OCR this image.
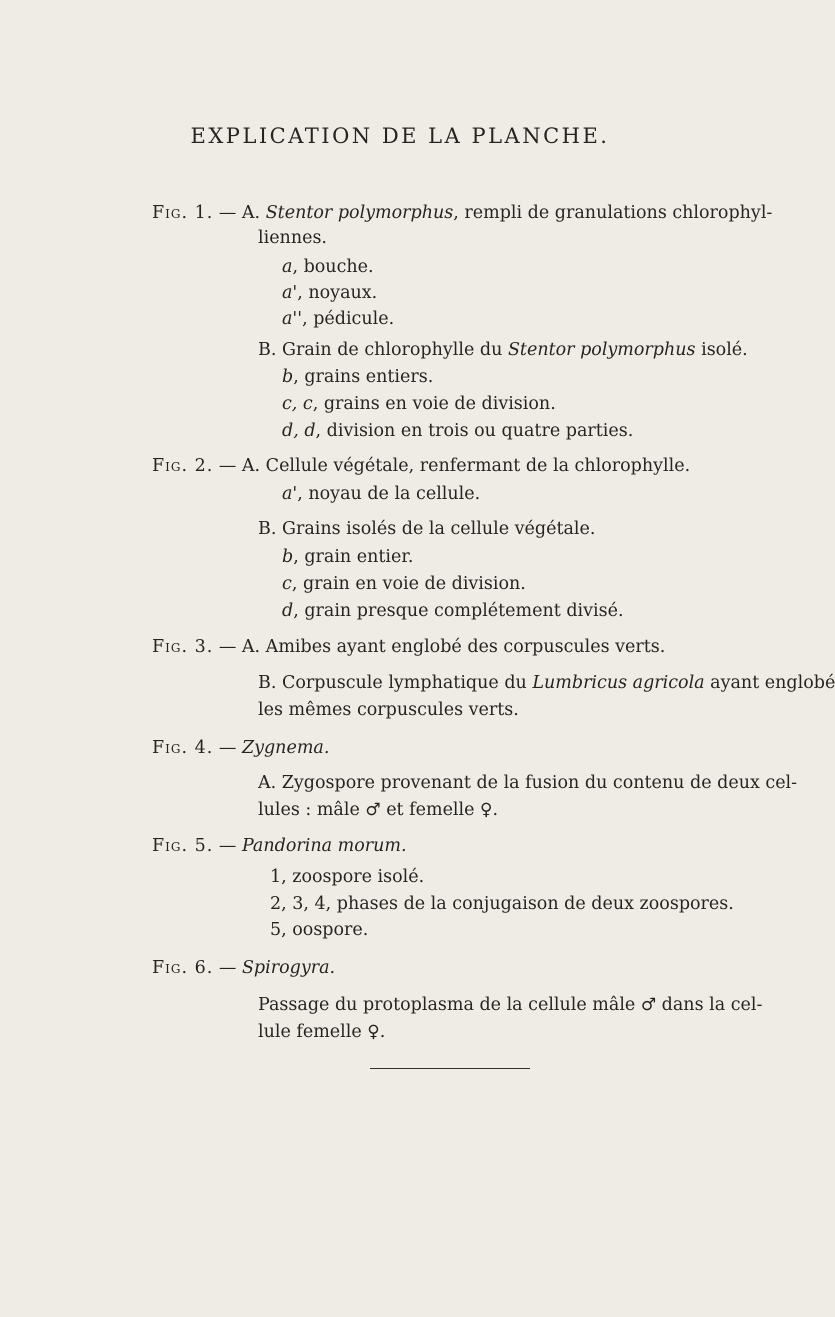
EXPLICATION DE LA PLANCHE.
Fig. 1. — A. Stentor polymorphus, rempli de granulations chlorophyl-
liennes.
a, bouche.
a', noyaux.
a'', pédicule.
B. Grain de chlorophylle du Stentor polymorphus isolé.
b, grains entiers.
c, c, grains en voie de division.
d, d, division en trois ou quatre parties.
Fig. 2. — A. Cellule végétale, renfermant de la chlorophylle.
a', noyau de la cellule.
B. Grains isolés de la cellule végétale.
b, grain entier.
c, grain en voie de division.
d, grain presque complétement divisé.
Fig. 3. — A. Amibes ayant englobé des corpuscules verts.
B. Corpuscule lymphatique du Lumbricus agricola ayant englobé
les mêmes corpuscules verts.
Fig. 4. — Zygnema.
A. Zygospore provenant de la fusion du contenu de deux cel-
lules : mâle ♂ et femelle ♀.
Fig. 5. — Pandorina morum.
1, zoospore isolé.
2, 3, 4, phases de la conjugaison de deux zoospores.
5, oospore.
Fig. 6. — Spirogyra.
Passage du protoplasma de la cellule mâle ♂ dans la cel-
lule femelle ♀.
